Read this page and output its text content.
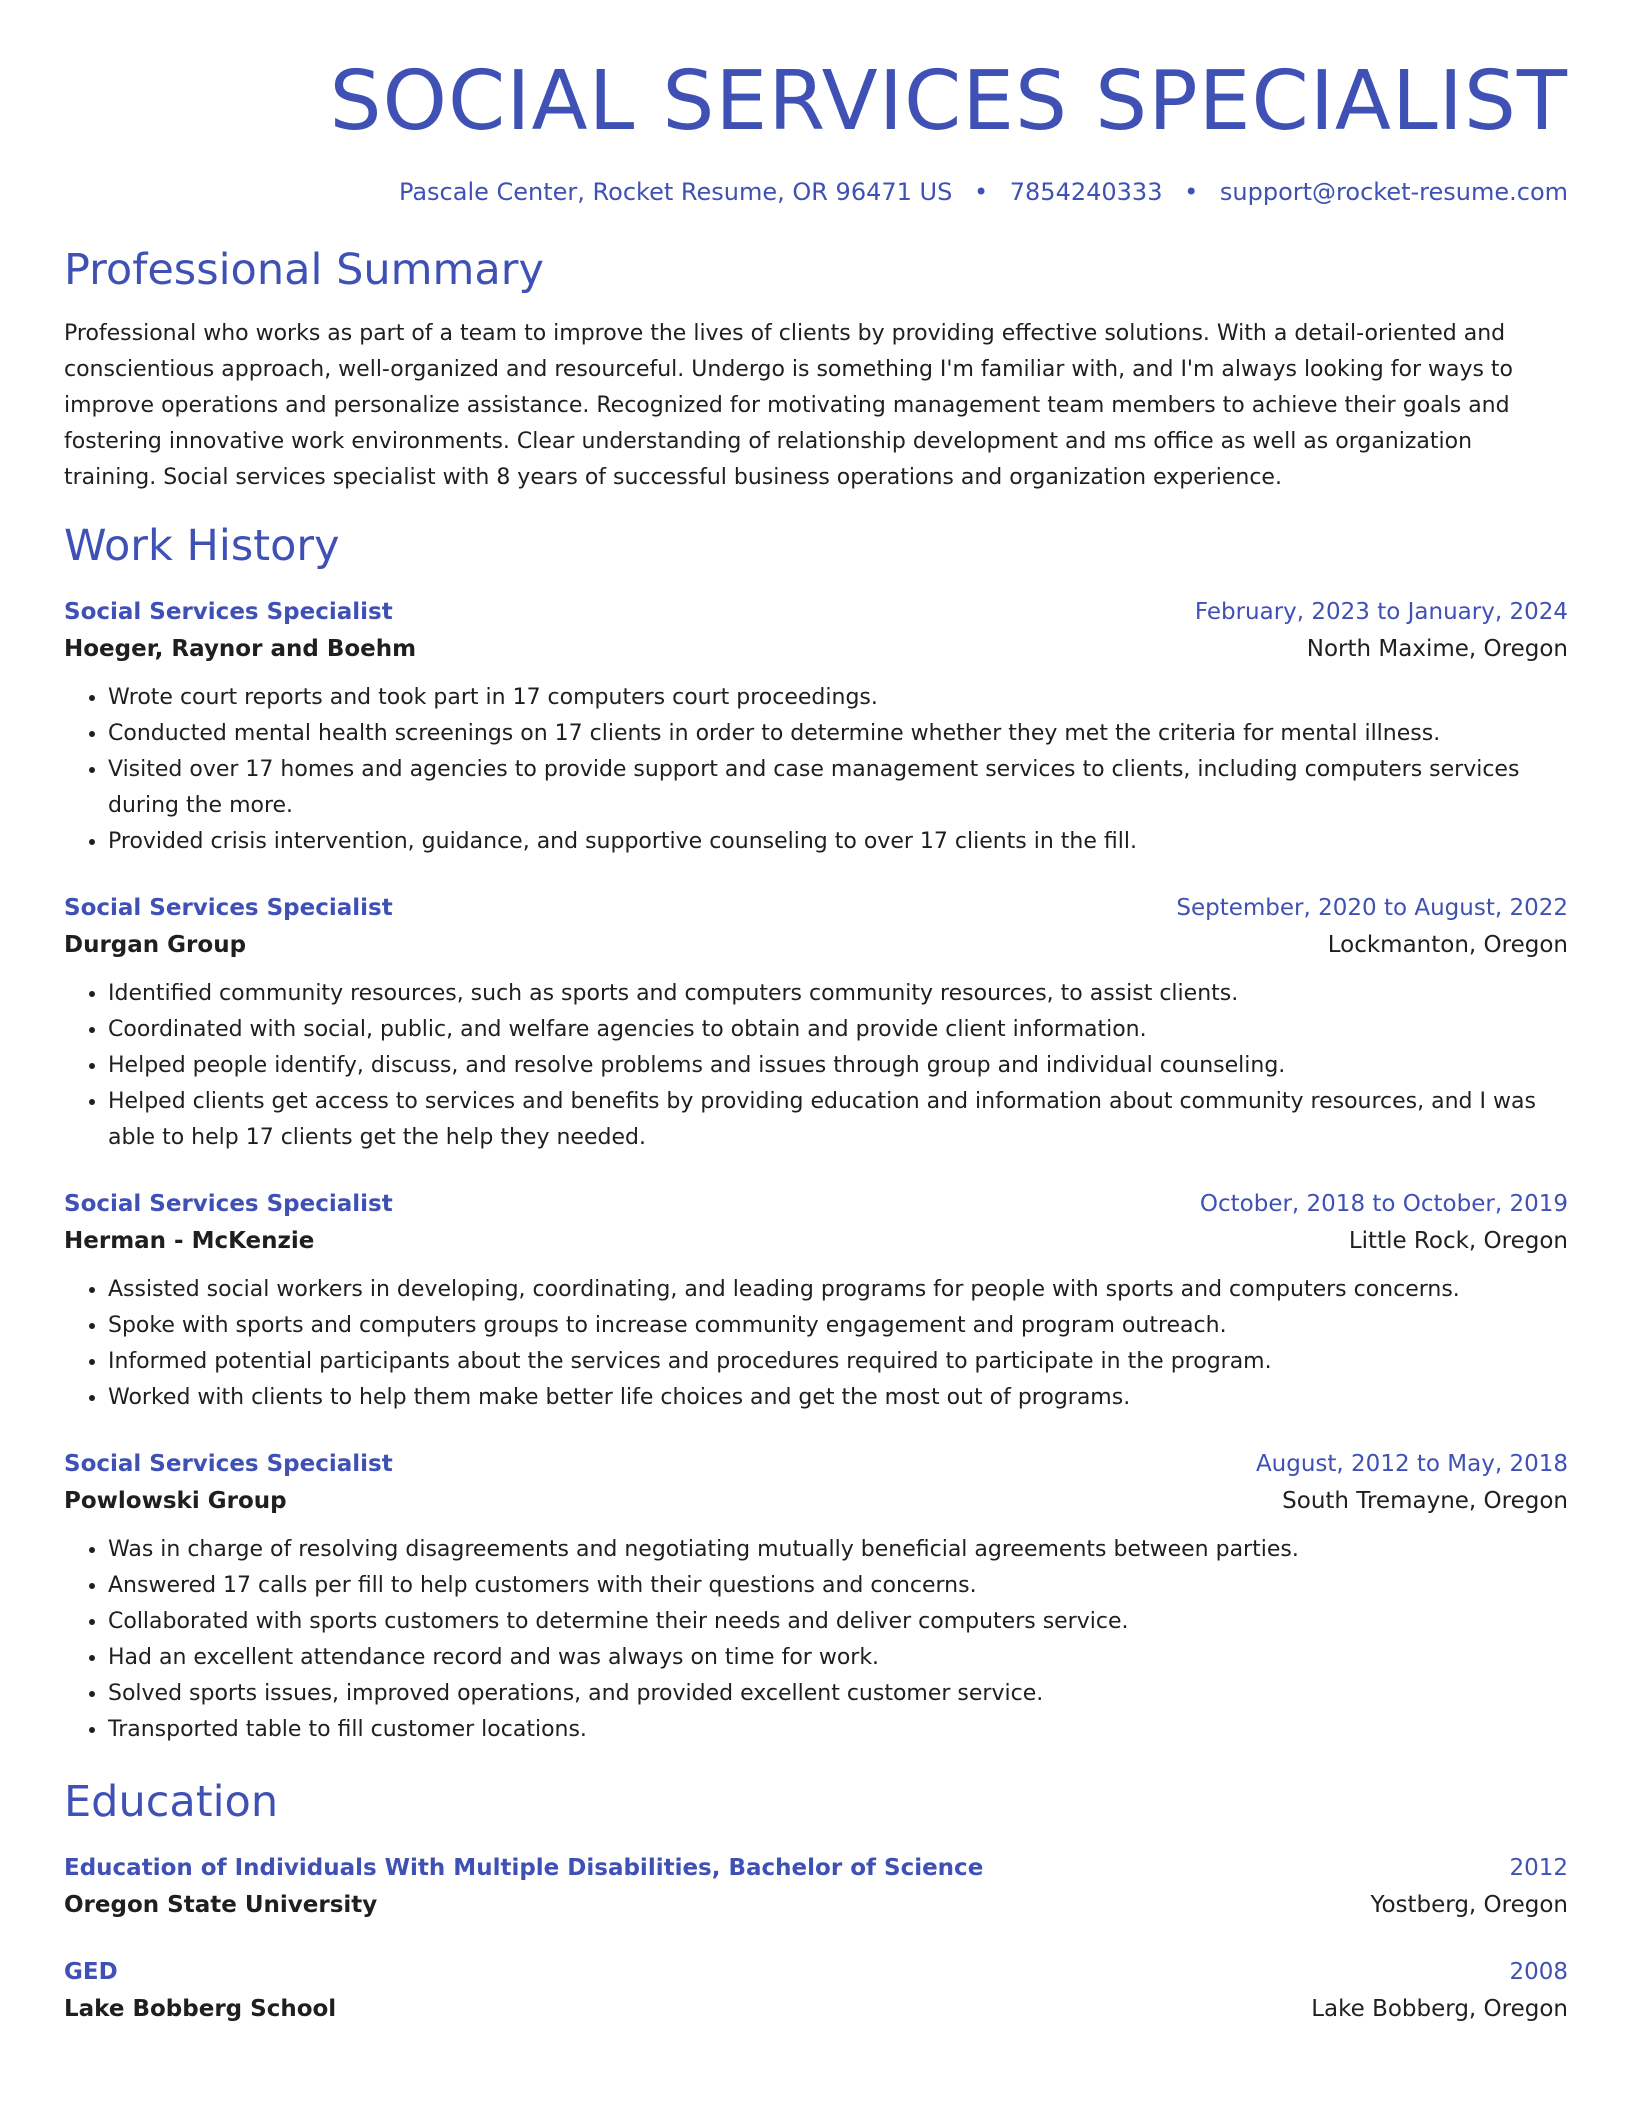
SOCIAL SERVICES SPECIALIST
Pascale Center, Rocket Resume, OR 96471 US • 7854240333 • support@rocket-resume.com
Professional Summary

Professional who works as part of a team to improve the lives of clients by providing effective solutions. With a detail-oriented and conscientious approach, well-organized and resourceful. Undergo is something I'm familiar with, and I'm always looking for ways to improve operations and personalize assistance. Recognized for motivating management team members to achieve their goals and fostering innovative work environments. Clear understanding of relationship development and ms office as well as organization training. Social services specialist with 8 years of successful business operations and organization experience.

Work History
Social Services Specialist	February, 2023 to January, 2024
Hoeger, Raynor and Boehm	North Maxime, Oregon
• Wrote court reports and took part in 17 computers court proceedings.
• Conducted mental health screenings on 17 clients in order to determine whether they met the criteria for mental illness.
• Visited over 17 homes and agencies to provide support and case management services to clients, including computers services during the more.
• Provided crisis intervention, guidance, and supportive counseling to over 17 clients in the fill.
Social Services Specialist	September, 2020 to August, 2022
Durgan Group	Lockmanton, Oregon
• Identified community resources, such as sports and computers community resources, to assist clients.
• Coordinated with social, public, and welfare agencies to obtain and provide client information.
• Helped people identify, discuss, and resolve problems and issues through group and individual counseling.
• Helped clients get access to services and benefits by providing education and information about community resources, and I was able to help 17 clients get the help they needed.
Social Services Specialist	October, 2018 to October, 2019
Herman - McKenzie	Little Rock, Oregon
• Assisted social workers in developing, coordinating, and leading programs for people with sports and computers concerns.
• Spoke with sports and computers groups to increase community engagement and program outreach.
• Informed potential participants about the services and procedures required to participate in the program.
• Worked with clients to help them make better life choices and get the most out of programs.
Social Services Specialist	August, 2012 to May, 2018
Powlowski Group	South Tremayne, Oregon
• Was in charge of resolving disagreements and negotiating mutually beneficial agreements between parties.
• Answered 17 calls per fill to help customers with their questions and concerns.
• Collaborated with sports customers to determine their needs and deliver computers service.
• Had an excellent attendance record and was always on time for work.
• Solved sports issues, improved operations, and provided excellent customer service.
• Transported table to fill customer locations.
Education
Education of Individuals With Multiple Disabilities, Bachelor of Science	2012
Oregon State University	Yostberg, Oregon
GED	2008
Lake Bobberg School	Lake Bobberg, Oregon
